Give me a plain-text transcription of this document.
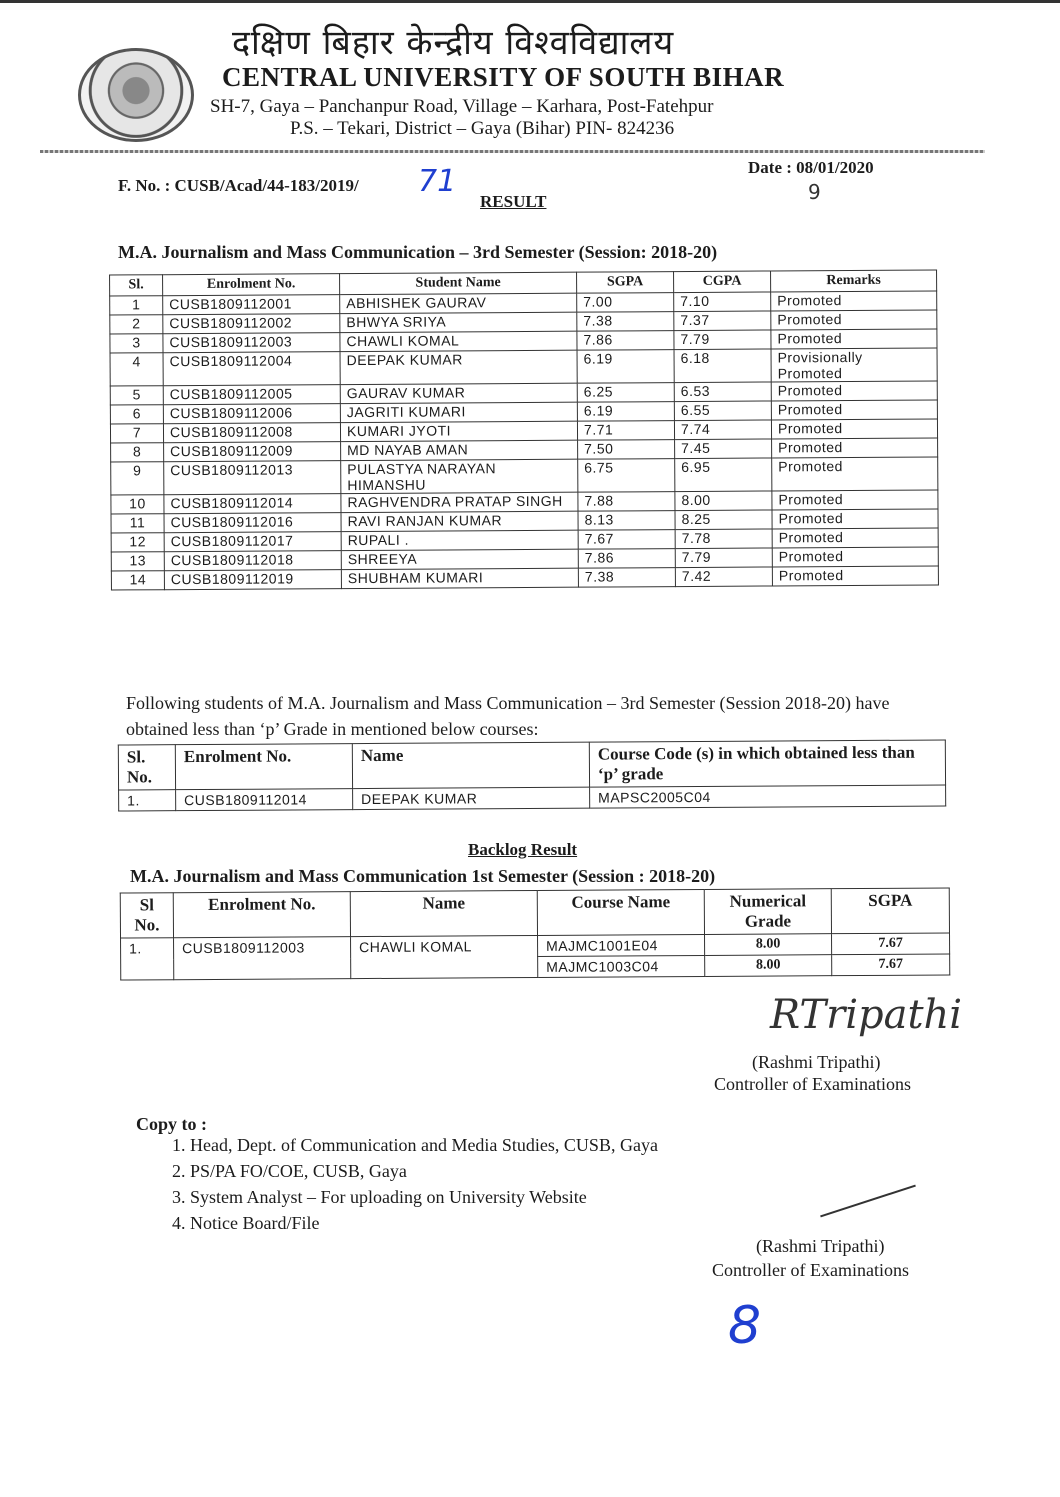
दक्षिण बिहार केन्द्रीय विश्वविद्यालय
CENTRAL UNIVERSITY OF SOUTH BIHAR
SH-7, Gaya – Panchanpur Road, Village – Karhara, Post-Fatehpur
P.S. – Tekari, District – Gaya (Bihar) PIN- 824236
F. No. : CUSB/Acad/44-183/2019/ 71	Date : 08/01/2020
9
RESULT
M.A. Journalism and Mass Communication – 3rd Semester (Session: 2018-20)
Sl.	Enrolment No.	Student Name	SGPA	CGPA	Remarks
1	CUSB1809112001	ABHISHEK GAURAV	7.00	7.10	Promoted
2	CUSB1809112002	BHWYA SRIYA	7.38	7.37	Promoted
3	CUSB1809112003	CHAWLI KOMAL	7.86	7.79	Promoted
4	CUSB1809112004	DEEPAK KUMAR	6.19	6.18	Provisionally Promoted
5	CUSB1809112005	GAURAV KUMAR	6.25	6.53	Promoted
6	CUSB1809112006	JAGRITI KUMARI	6.19	6.55	Promoted
7	CUSB1809112008	KUMARI JYOTI	7.71	7.74	Promoted
8	CUSB1809112009	MD NAYAB AMAN	7.50	7.45	Promoted
9	CUSB1809112013	PULASTYA NARAYAN HIMANSHU	6.75	6.95	Promoted
10	CUSB1809112014	RAGHVENDRA PRATAP SINGH	7.88	8.00	Promoted
11	CUSB1809112016	RAVI RANJAN KUMAR	8.13	8.25	Promoted
12	CUSB1809112017	RUPALI .	7.67	7.78	Promoted
13	CUSB1809112018	SHREEYA	7.86	7.79	Promoted
14	CUSB1809112019	SHUBHAM KUMARI	7.38	7.42	Promoted
Following students of M.A. Journalism and Mass Communication – 3rd Semester (Session 2018-20) have obtained less than ‘p’ Grade in mentioned below courses:
Sl. No.	Enrolment No.	Name	Course Code (s) in which obtained less than ‘p’ grade
1.	CUSB1809112014	DEEPAK KUMAR	MAPSC2005C04
Backlog Result
M.A. Journalism and Mass Communication 1st Semester (Session : 2018-20)
Sl No.	Enrolment No.	Name	Course Name	Numerical Grade	SGPA
1.	CUSB1809112003	CHAWLI KOMAL	MAJMC1001E04	8.00	7.67
			MAJMC1003C04	8.00	7.67
RTripathi
(Rashmi Tripathi)
Controller of Examinations
Copy to :
1. Head, Dept. of Communication and Media Studies, CUSB, Gaya
2. PS/PA FO/COE, CUSB, Gaya
3. System Analyst – For uploading on University Website
4. Notice Board/File
(Rashmi Tripathi)
Controller of Examinations
8
